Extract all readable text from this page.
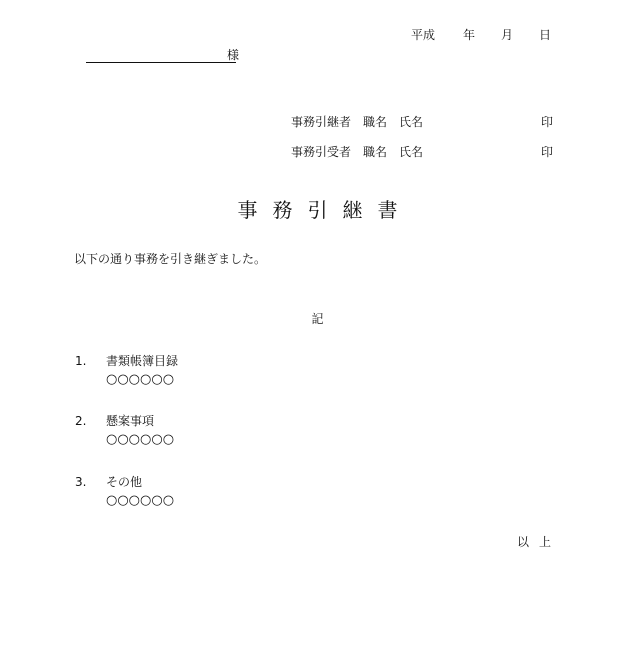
平成 年 月 日
様
事務引継者 職名 氏名	印
事務引受者 職名 氏名	印
事務引継書
以下の通り事務を引き継ぎました。
記
1. 書類帳簿目録
○○○○○○
2. 懸案事項
○○○○○○
3. その他
○○○○○○
以 上
